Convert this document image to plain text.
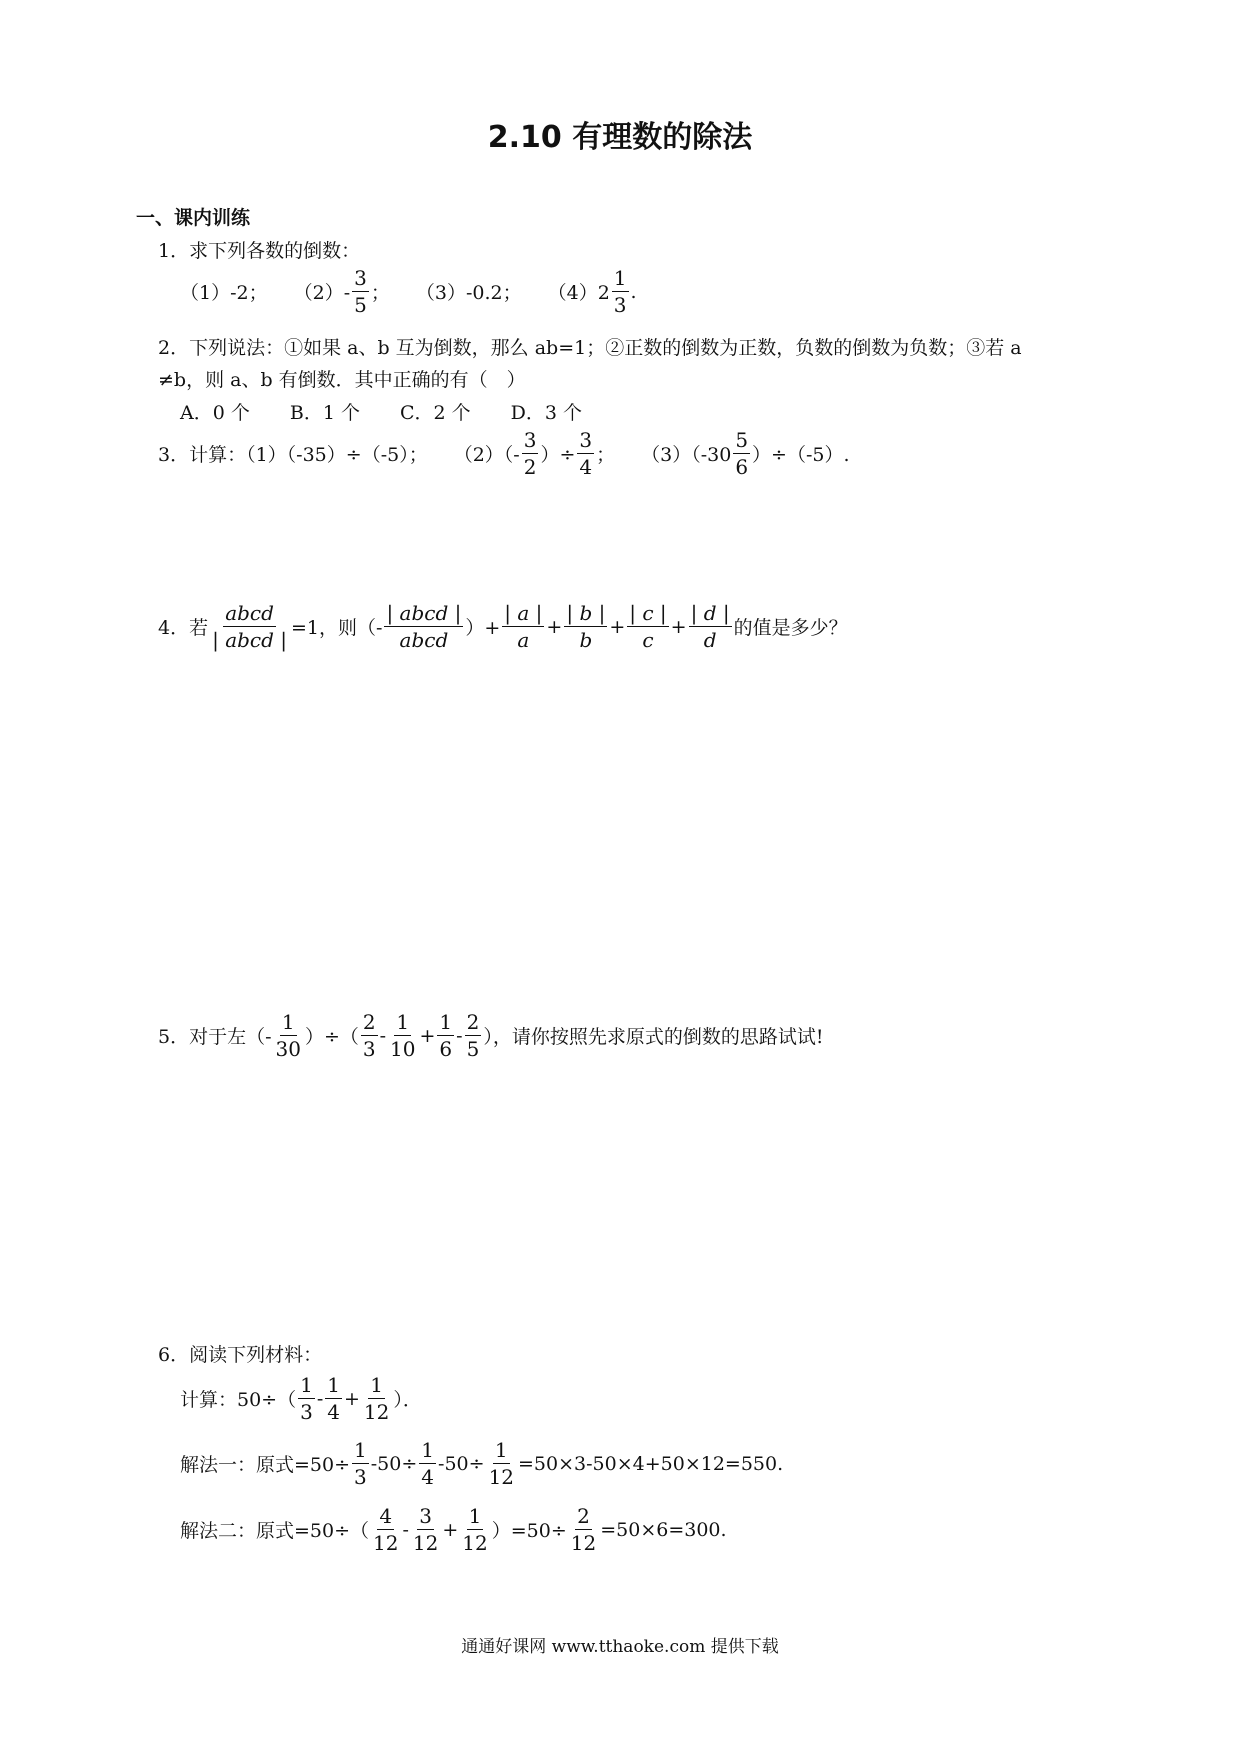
2.10 有理数的除法
一、课内训练
1．求下列各数的倒数：
（1）-2； $(2)- \frac{3}{5}$ ； （3）-0.2； $(4)2 \frac{1}{3}$ .
2．下列说法：①如果 a、b 互为倒数，那么 ab=1；②正数的倒数为正数，负数的倒数为负数；③若 a
≠b，则 a、b 有倒数．其中正确的有（　）
A．0 个 B．1 个 C．2 个 D．3 个
3．计算：（1）（-35）÷（-5）； $(2)(- \frac{3}{2}$ ）÷ $\frac{3}{4}$ ； $(3)(-30 \frac{5}{6} )\div(-5)$.
4．若 $\frac{\text{abcd}}{\text{| abcd |}} =1$，则（- $\frac{\text{| abcd |}}{\text{abcd}}$ ）+ $\frac{| a |}{a} + \frac{| b |}{b} + \frac{| c |}{c} + \frac{| d |}{d}$ 的值是多少？
5．对于左（- $\frac{1}{30}$ ）÷（ $\frac{2}{3} - \frac{1}{10} + \frac{1}{6} - \frac{2}{5}$ ），请你按照先求原式的倒数的思路试试!
6．阅读下列材料：
计算：$50\div( \frac{1}{3} - \frac{1}{4} + \frac{1}{12}$ ）．
解法一：原式$=50\div \frac{1}{3} -50\div \frac{1}{4} -50\div \frac{1}{12} =50\times 3-50\times 4+50\times 12=550$.
解法二：原式$=50\div( \frac{4}{12} - \frac{3}{12} + \frac{1}{12} )=50\div \frac{2}{12} =50\times 6=300$.
通通好课网 www.tthaoke.com 提供下载
